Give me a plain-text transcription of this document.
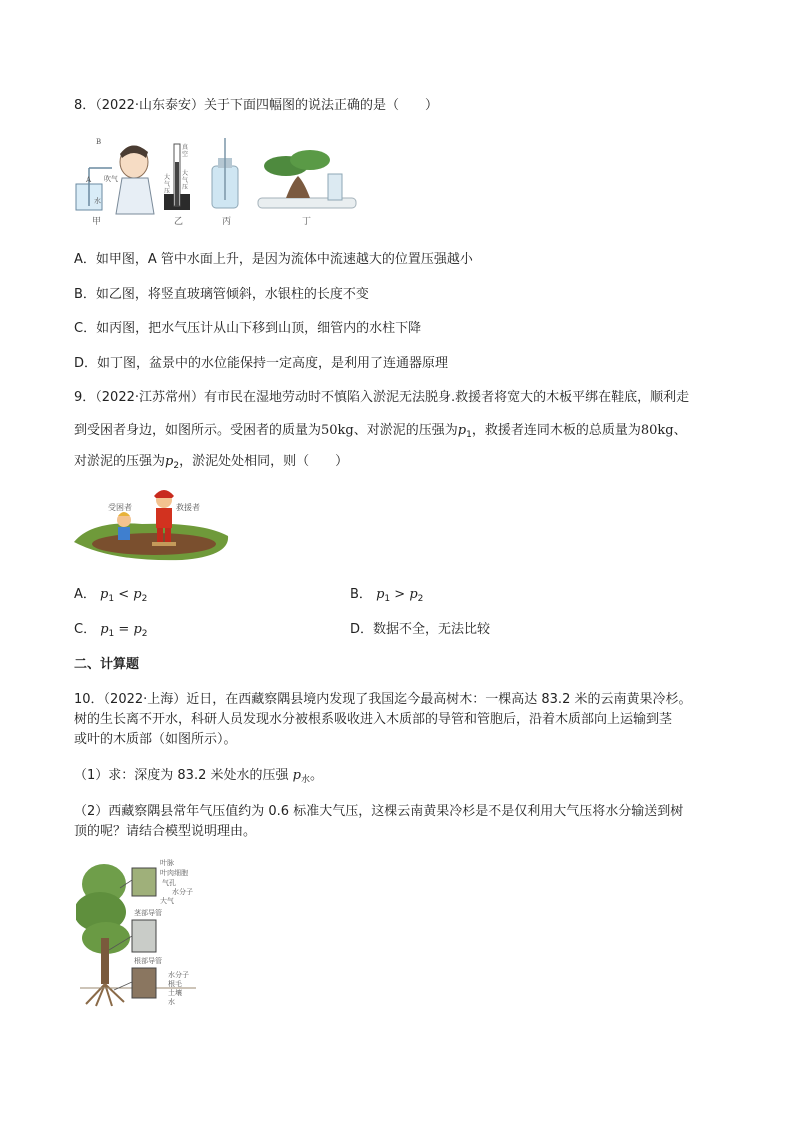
8．（2022·山东泰安）关于下面四幅图的说法正确的是（　　）
B
A 吹气
水
真空
大气压
大气压
甲	乙	丙	丁
A．如甲图，A 管中水面上升，是因为流体中流速越大的位置压强越小
B．如乙图，将竖直玻璃管倾斜，水银柱的长度不变
C．如丙图，把水气压计从山下移到山顶，细管内的水柱下降
D．如丁图，盆景中的水位能保持一定高度，是利用了连通器原理
9．（2022·江苏常州）有市民在湿地劳动时不慎陷入淤泥无法脱身.救援者将宽大的木板平绑在鞋底，顺利走
到受困者身边，如图所示。受困者的质量为50kg、对淤泥的压强为$p_1$，救援者连同木板的总质量为80kg、
对淤泥的压强为$p_2$，淤泥处处相同，则（　　）
受困者	救援者
A． $p_1 < p_2$	B． $p_1 > p_2$
C． $p_1 = p_2$	D．数据不全，无法比较
二、计算题
10．（2022·上海）近日，在西藏察隅县境内发现了我国迄今最高树木：一棵高达 83.2 米的云南黄果冷杉。
树的生长离不开水，科研人员发现水分被根系吸收进入木质部的导管和管胞后，沿着木质部向上运输到茎
或叶的木质部（如图所示）。
（1）求：深度为 83.2 米处水的压强 $p_水$。
（2）西藏察隅县常年气压值约为 0.6 标准大气压，这棵云南黄果冷杉是不是仅利用大气压将水分输送到树
顶的呢？请结合模型说明理由。
叶脉
叶肉细胞
气孔
水分子
大气
茎部导管
根部导管
水分子
根毛
土壤
水
